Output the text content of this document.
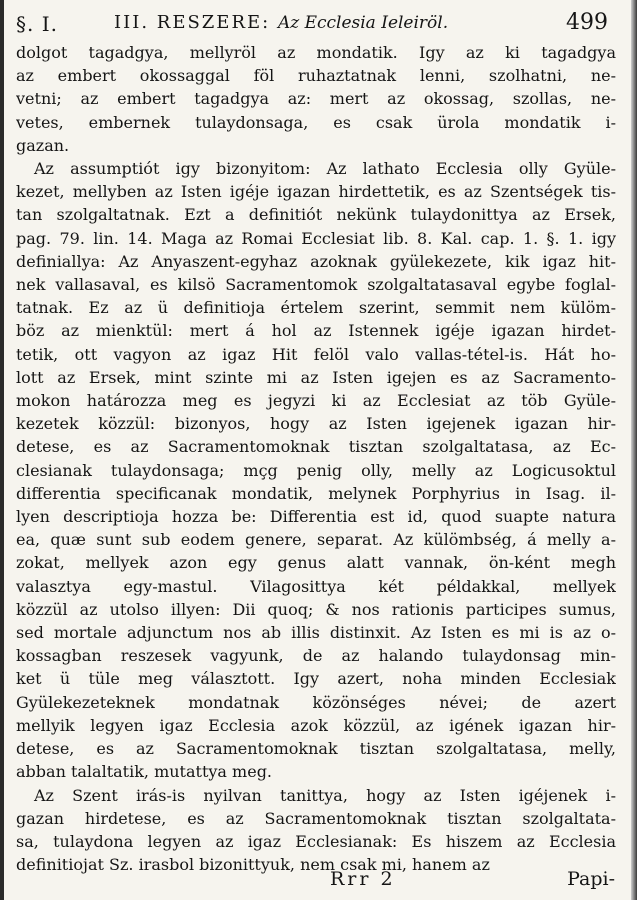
§. I.	III. RESZERE: Az Ecclesia Ieleiröl.	499
dolgot tagadgya, mellyröl az mondatik. Igy az ki tagadgya
az embert okossaggal föl ruhaztatnak lenni, szolhatni, ne-
vetni; az embert tagadgya az: mert az okossag, szollas, ne-
vetes, embernek tulaydonsaga, es csak ürola mondatik i-
gazan.
Az assumptiót igy bizonyitom: Az lathato Ecclesia olly Gyüle-
kezet, mellyben az Isten igéje igazan hirdettetik, es az Szentségek tis-
tan szolgaltatnak. Ezt a definitiót nekünk tulaydonittya az Ersek,
pag. 79. lin. 14. Maga az Romai Ecclesiat lib. 8. Kal. cap. 1. §. 1. igy
definiallya: Az Anyaszent-egyhaz azoknak gyülekezete, kik igaz hit-
nek vallasaval, es kilsö Sacramentomok szolgaltatasaval egybe foglal-
tatnak. Ez az ü definitioja értelem szerint, semmit nem külöm-
böz az mienktül: mert á hol az Istennek igéje igazan hirdet-
tetik, ott vagyon az igaz Hit felöl valo vallas-tétel-is. Hát ho-
lott az Ersek, mint szinte mi az Isten igejen es az Sacramento-
mokon határozza meg es jegyzi ki az Ecclesiat az töb Gyüle-
kezetek közzül: bizonyos, hogy az Isten igejenek igazan hir-
detese, es az Sacramentomoknak tisztan szolgaltatasa, az Ec-
clesianak tulaydonsaga; mçg penig olly, melly az Logicusoktul
differentia specificanak mondatik, melynek Porphyrius in Isag. il-
lyen descriptioja hozza be: Differentia est id, quod suapte natura
ea, quæ sunt sub eodem genere, separat. Az külömbség, á melly a-
zokat, mellyek azon egy genus alatt vannak, ön-ként megh
valasztya egy-mastul. Vilagosittya két példakkal, mellyek
közzül az utolso illyen: Dii quoq; & nos rationis participes sumus,
sed mortale adjunctum nos ab illis distinxit. Az Isten es mi is az o-
kossagban reszesek vagyunk, de az halando tulaydonsag min-
ket ü tüle meg választott. Igy azert, noha minden Ecclesiak
Gyülekezeteknek mondatnak közönséges névei; de azert
mellyik legyen igaz Ecclesia azok közzül, az igének igazan hir-
detese, es az Sacramentomoknak tisztan szolgaltatasa, melly,
abban talaltatik, mutattya meg.
Az Szent irás-is nyilvan tanittya, hogy az Isten igéjenek i-
gazan hirdetese, es az Sacramentomoknak tisztan szolgaltata-
sa, tulaydona legyen az igaz Ecclesianak: Es hiszem az Ecclesia
definitiojat Sz. irasbol bizonittyuk, nem csak mi, hanem az
Rrr 2	Papi-
